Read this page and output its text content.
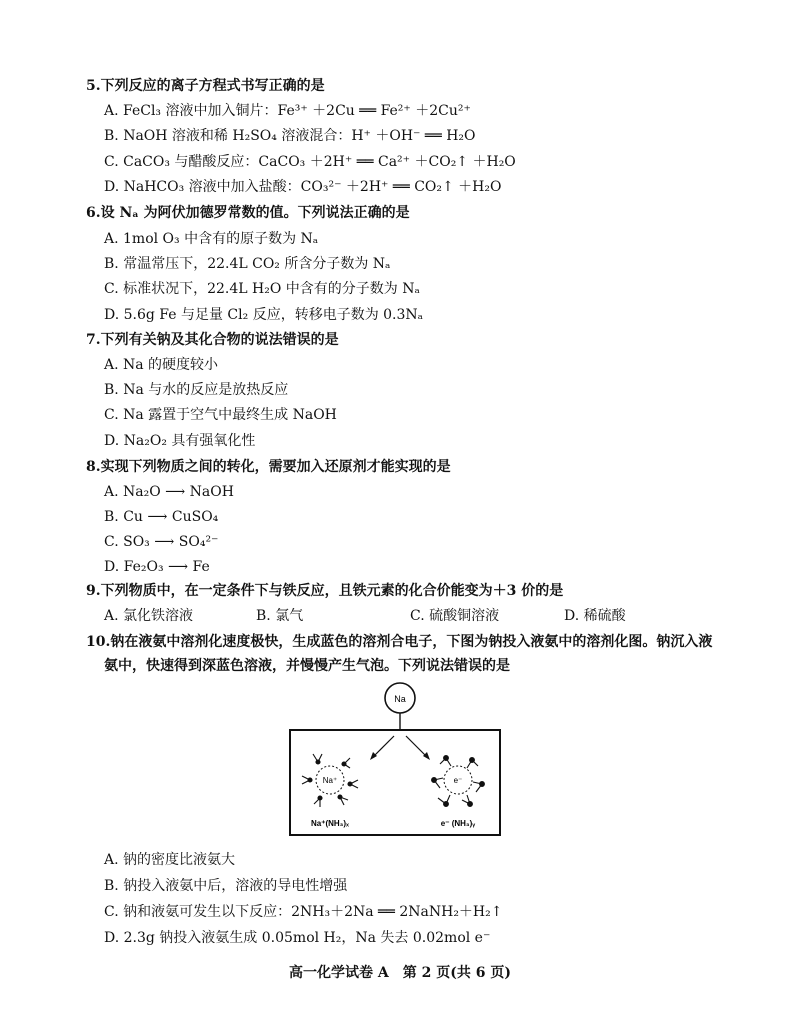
5.下列反应的离子方程式书写正确的是
A. FeCl₃ 溶液中加入铜片：Fe³⁺ ＋2Cu ══ Fe²⁺ ＋2Cu²⁺
B. NaOH 溶液和稀 H₂SO₄ 溶液混合：H⁺ ＋OH⁻ ══ H₂O
C. CaCO₃ 与醋酸反应：CaCO₃ ＋2H⁺ ══ Ca²⁺ ＋CO₂↑ ＋H₂O
D. NaHCO₃ 溶液中加入盐酸：CO₃²⁻ ＋2H⁺ ══ CO₂↑ ＋H₂O
6.设 Nₐ 为阿伏加德罗常数的值。下列说法正确的是
A. 1mol O₃ 中含有的原子数为 Nₐ
B. 常温常压下，22.4L CO₂ 所含分子数为 Nₐ
C. 标准状况下，22.4L H₂O 中含有的分子数为 Nₐ
D. 5.6g Fe 与足量 Cl₂ 反应，转移电子数为 0.3Nₐ
7.下列有关钠及其化合物的说法错误的是
A. Na 的硬度较小
B. Na 与水的反应是放热反应
C. Na 露置于空气中最终生成 NaOH
D. Na₂O₂ 具有强氧化性
8.实现下列物质之间的转化，需要加入还原剂才能实现的是
A. Na₂O ⟶ NaOH
B. Cu ⟶ CuSO₄
C. SO₃ ⟶ SO₄²⁻
D. Fe₂O₃ ⟶ Fe
9.下列物质中，在一定条件下与铁反应，且铁元素的化合价能变为＋3 价的是
A. 氯化铁溶液	B. 氯气	C. 硫酸铜溶液	D. 稀硫酸
10.钠在液氨中溶剂化速度极快，生成蓝色的溶剂合电子，下图为钠投入液氨中的溶剂化图。钠沉入液
氨中，快速得到深蓝色溶液，并慢慢产生气泡。下列说法错误的是
Na
Na⁺
Na⁺(NH₃)ₓ
e⁻
e⁻ (NH₃)ᵧ
A. 钠的密度比液氨大
B. 钠投入液氨中后，溶液的导电性增强
C. 钠和液氨可发生以下反应：2NH₃＋2Na ══ 2NaNH₂＋H₂↑
D. 2.3g 钠投入液氨生成 0.05mol H₂，Na 失去 0.02mol e⁻
高一化学试卷 A　第 2 页(共 6 页)
